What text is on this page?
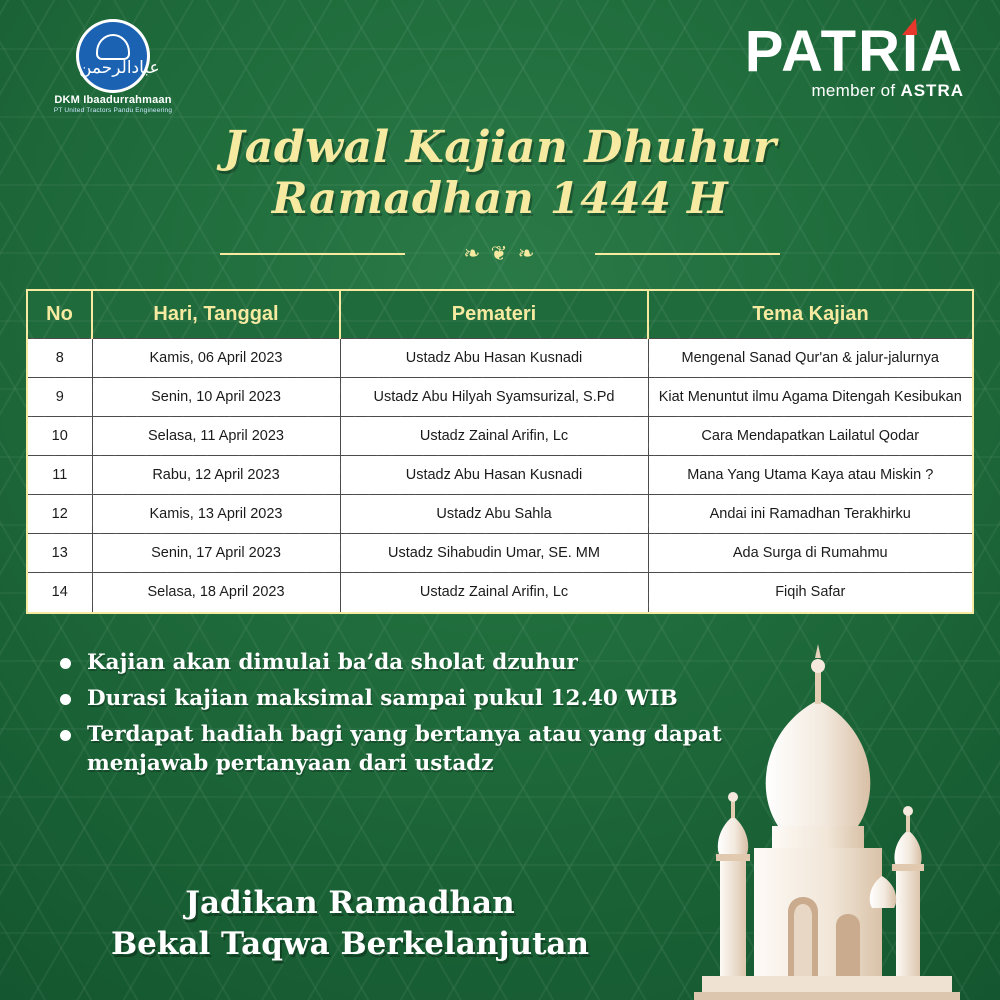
عبادالرحمن
DKM Ibaadurrahmaan
PT United Tractors Pandu Engineering
PATRIA
member of ASTRA
Jadwal Kajian Dhuhur
Ramadhan 1444 H
❧ ❦ ❧
No	Hari, Tanggal	Pemateri	Tema Kajian
8	Kamis, 06 April 2023	Ustadz Abu Hasan Kusnadi	Mengenal Sanad Qur'an & jalur-jalurnya
9	Senin, 10 April 2023	Ustadz Abu Hilyah Syamsurizal, S.Pd	Kiat Menuntut ilmu Agama Ditengah Kesibukan
10	Selasa, 11 April 2023	Ustadz Zainal Arifin, Lc	Cara Mendapatkan Lailatul Qodar
11	Rabu, 12 April 2023	Ustadz Abu Hasan Kusnadi	Mana Yang Utama Kaya atau Miskin ?
12	Kamis, 13 April 2023	Ustadz Abu Sahla	Andai ini Ramadhan Terakhirku
13	Senin, 17 April 2023	Ustadz Sihabudin Umar, SE. MM	Ada Surga di Rumahmu
14	Selasa, 18 April 2023	Ustadz Zainal Arifin, Lc	Fiqih Safar
Kajian akan dimulai ba’da sholat dzuhur
Durasi kajian maksimal sampai pukul 12.40 WIB
Terdapat hadiah bagi yang bertanya atau yang dapat menjawab pertanyaan dari ustadz
Jadikan Ramadhan
Bekal Taqwa Berkelanjutan
